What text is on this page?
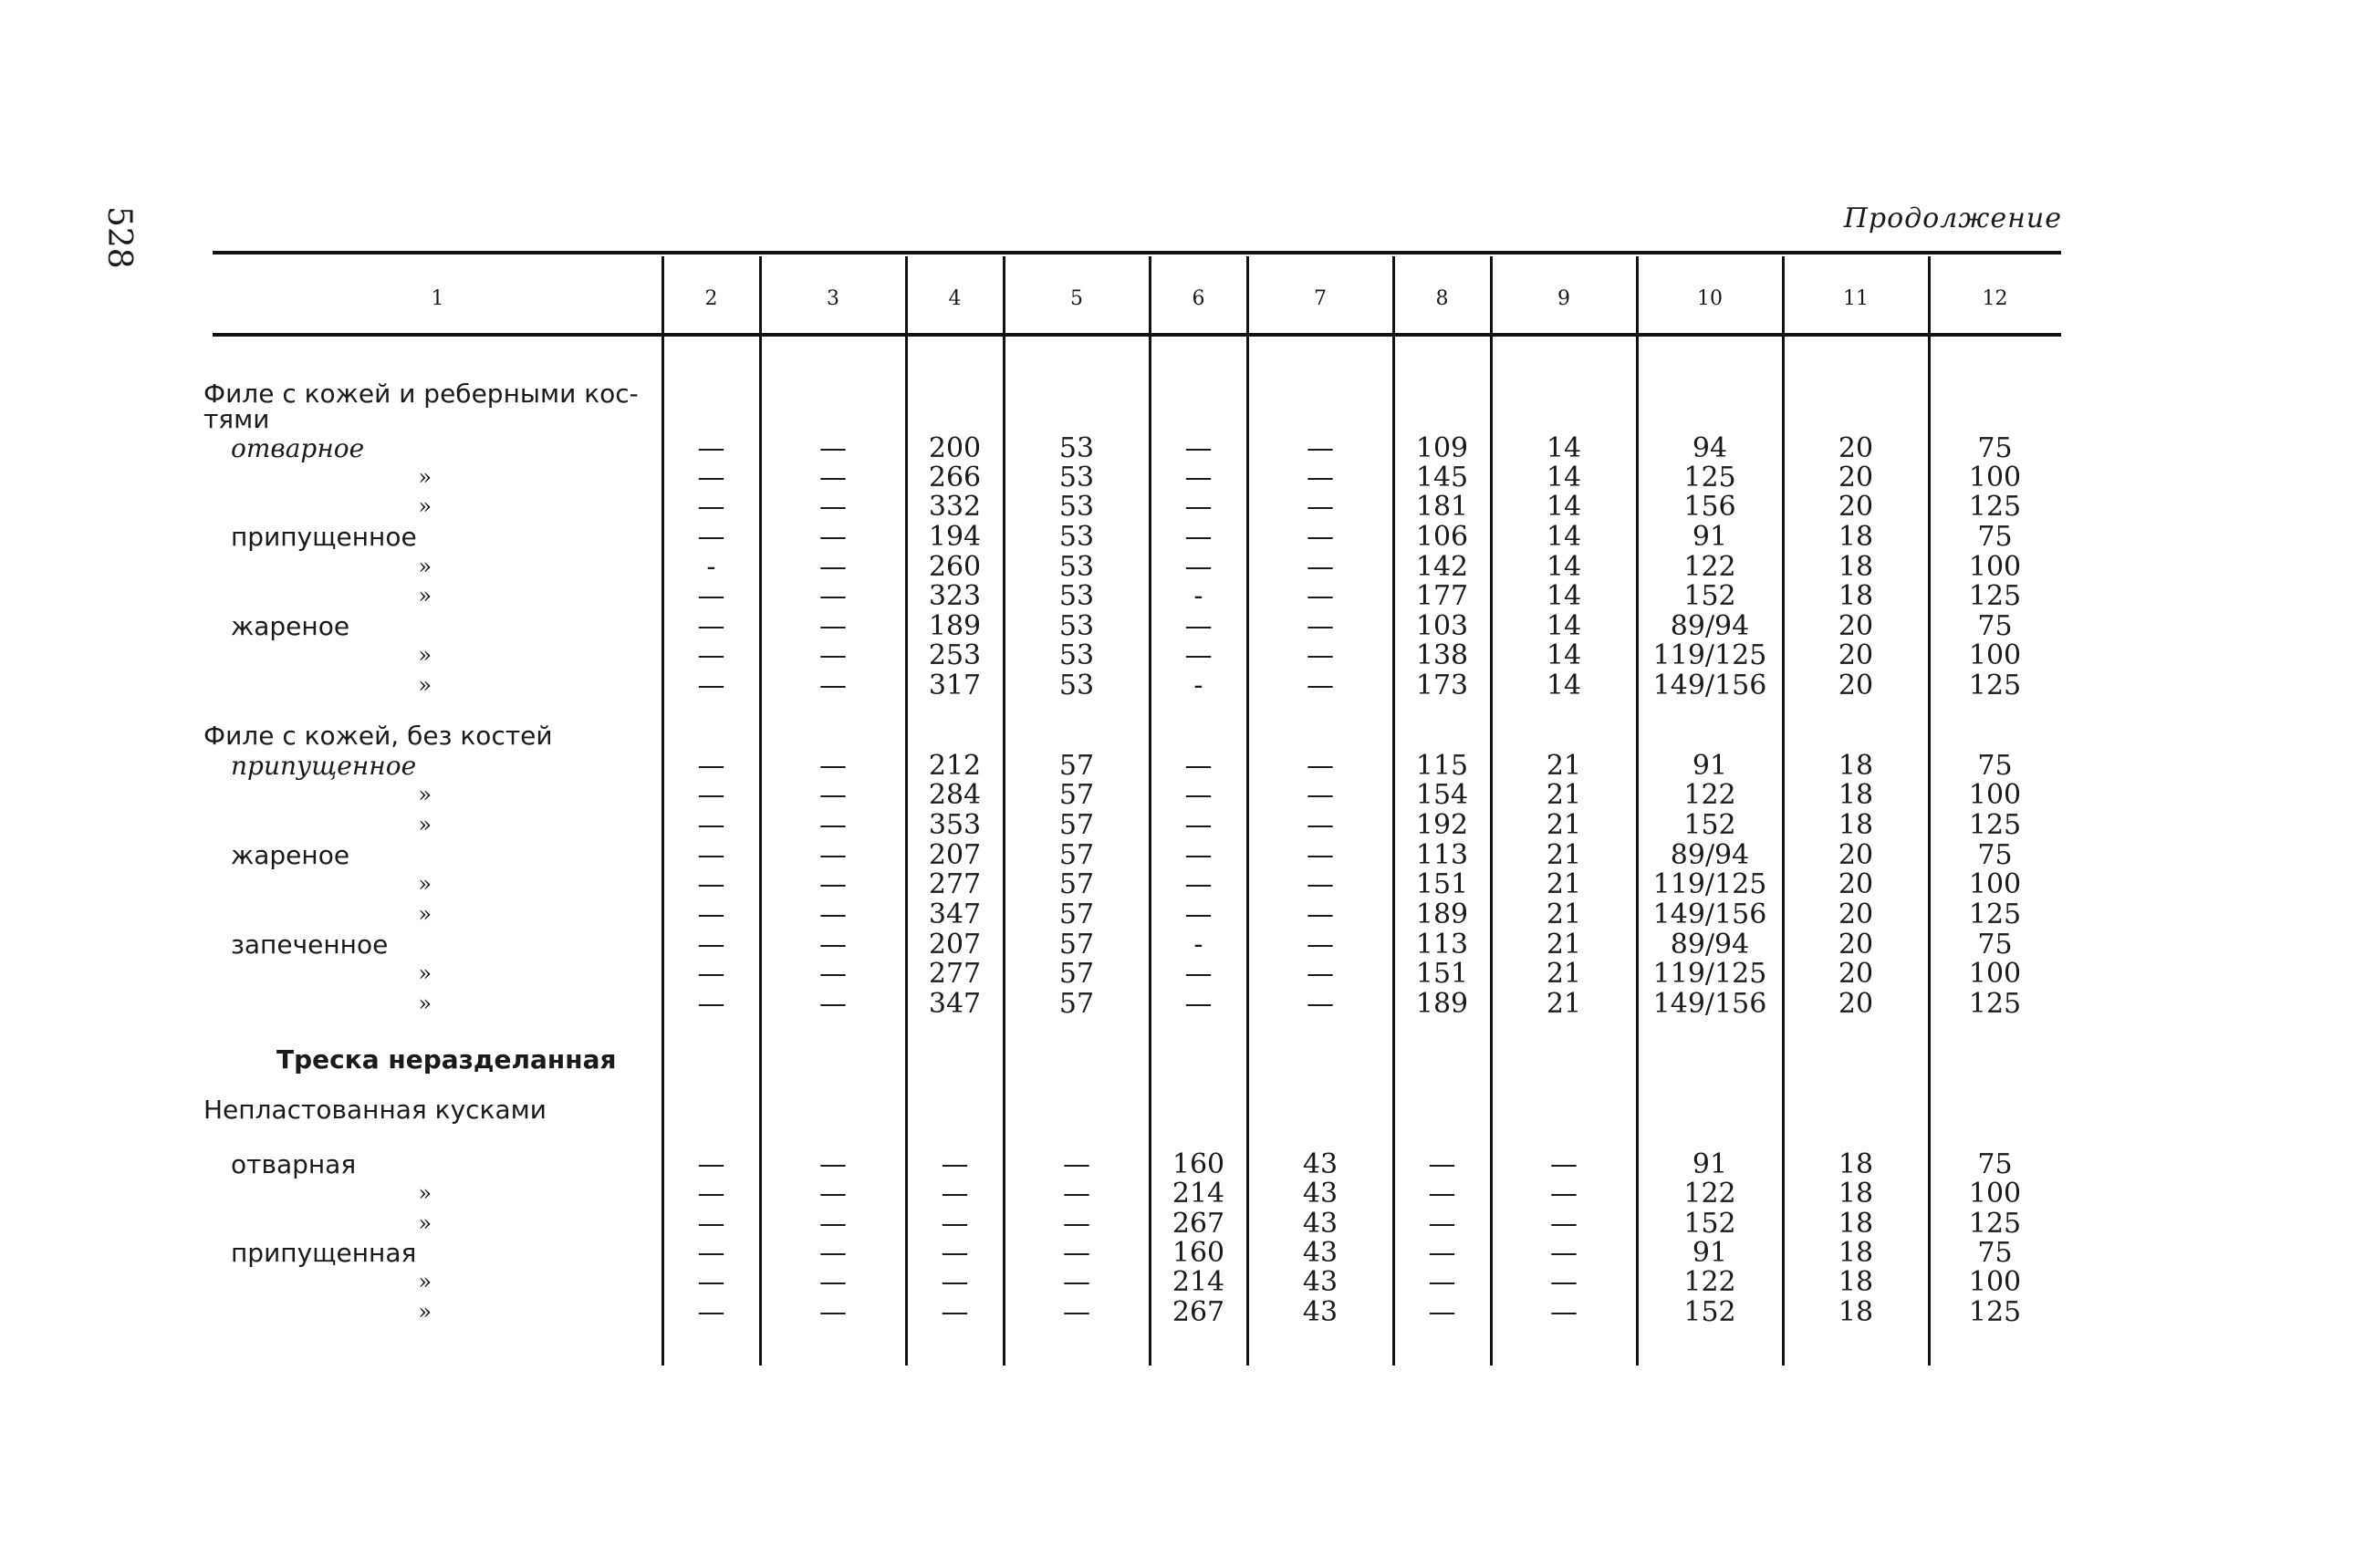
528	Продолжение
1	2	3	4	5	6	7	8	9	10	11	12
Филе с кожей и реберными кос-
тями
отварное	—	—	200	53	—	—	109	14	94	20	75
»	—	—	266	53	—	—	145	14	125	20	100
»	—	—	332	53	—	—	181	14	156	20	125
припущенное	—	—	194	53	—	—	106	14	91	18	75
»	-	—	260	53	—	—	142	14	122	18	100
»	—	—	323	53	-	—	177	14	152	18	125
жареное	—	—	189	53	—	—	103	14	89/94	20	75
»	—	—	253	53	—	—	138	14	119/125	20	100
»	—	—	317	53	-	—	173	14	149/156	20	125
Филе с кожей, без костей
припущенное	—	—	212	57	—	—	115	21	91	18	75
»	—	—	284	57	—	—	154	21	122	18	100
»	—	—	353	57	—	—	192	21	152	18	125
жареное	—	—	207	57	—	—	113	21	89/94	20	75
»	—	—	277	57	—	—	151	21	119/125	20	100
»	—	—	347	57	—	—	189	21	149/156	20	125
запеченное	—	—	207	57	-	—	113	21	89/94	20	75
»	—	—	277	57	—	—	151	21	119/125	20	100
»	—	—	347	57	—	—	189	21	149/156	20	125
Треска неразделанная
Непластованная кусками
отварная	—	—	—	—	160	43	—	—	91	18	75
»	—	—	—	—	214	43	—	—	122	18	100
»	—	—	—	—	267	43	—	—	152	18	125
припущенная	—	—	—	—	160	43	—	—	91	18	75
»	—	—	—	—	214	43	—	—	122	18	100
»	—	—	—	—	267	43	—	—	152	18	125
